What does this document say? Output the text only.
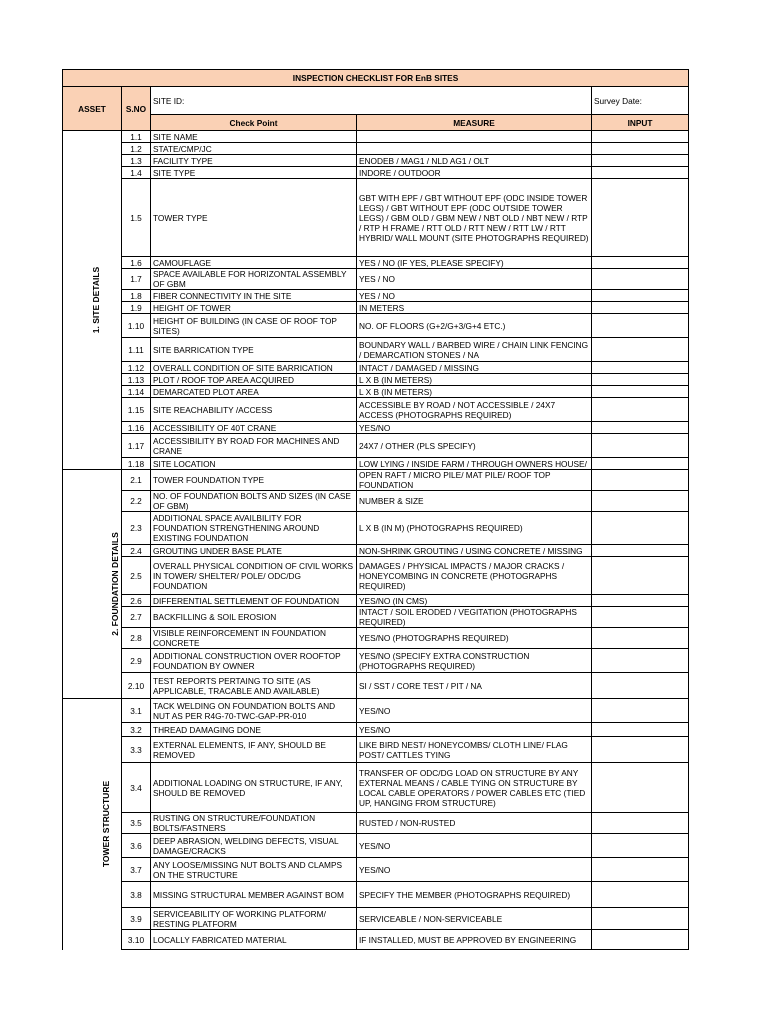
INSPECTION CHECKLIST FOR EnB SITES				
ASSET	S.NO	SITE ID:		Survey Date:
		Check Point	MEASURE	INPUT
1. SITE DETAILS	1.1	SITE NAME		
	1.2	STATE/CMP/JC		
	1.3	FACILITY TYPE	ENODEB / MAG1 / NLD AG1 / OLT	
	1.4	SITE TYPE	INDORE / OUTDOOR	
	1.5	TOWER TYPE	GBT WITH EPF / GBT WITHOUT EPF (ODC INSIDE TOWER LEGS) / GBT WITHOUT EPF (ODC OUTSIDE TOWER LEGS) / GBM OLD / GBM NEW / NBT OLD / NBT NEW / RTP / RTP H FRAME / RTT OLD / RTT NEW / RTT LW / RTT HYBRID/ WALL MOUNT (SITE PHOTOGRAPHS REQUIRED)	
	1.6	CAMOUFLAGE	YES / NO (IF YES, PLEASE SPECIFY)	
	1.7	SPACE AVAILABLE FOR HORIZONTAL ASSEMBLY OF GBM	YES / NO	
	1.8	FIBER CONNECTIVITY IN THE SITE	YES / NO	
	1.9	HEIGHT OF TOWER	IN METERS	
	1.10	HEIGHT OF BUILDING (IN CASE OF ROOF TOP SITES)	NO. OF FLOORS (G+2/G+3/G+4 ETC.)	
	1.11	SITE BARRICATION TYPE	BOUNDARY WALL / BARBED WIRE / CHAIN LINK FENCING / DEMARCATION STONES / NA	
	1.12	OVERALL CONDITION OF SITE BARRICATION	INTACT / DAMAGED / MISSING	
	1.13	PLOT / ROOF TOP AREA ACQUIRED	L X B (IN METERS)	
	1.14	DEMARCATED PLOT AREA	L X B (IN METERS)	
	1.15	SITE REACHABILITY /ACCESS	ACCESSIBLE BY ROAD / NOT ACCESSIBLE / 24X7 ACCESS (PHOTOGRAPHS REQUIRED)	
	1.16	ACCESSIBILITY OF 40T CRANE	YES/NO	
	1.17	ACCESSIBILITY BY ROAD FOR MACHINES AND CRANE	24X7 / OTHER (PLS SPECIFY)	
	1.18	SITE LOCATION	LOW LYING / INSIDE FARM / THROUGH OWNERS HOUSE/	
2. FOUNDATION DETAILS	2.1	TOWER FOUNDATION TYPE	OPEN RAFT / MICRO PILE/ MAT PILE/ ROOF TOP FOUNDATION	
	2.2	NO. OF FOUNDATION BOLTS AND SIZES (IN CASE OF GBM)	NUMBER & SIZE	
	2.3	ADDITIONAL SPACE AVAILBILITY FOR FOUNDATION STRENGTHENING AROUND EXISTING FOUNDATION	L X B (IN M) (PHOTOGRAPHS REQUIRED)	
	2.4	GROUTING UNDER BASE PLATE	NON-SHRINK GROUTING / USING CONCRETE / MISSING	
	2.5	OVERALL PHYSICAL CONDITION OF CIVIL WORKS IN TOWER/ SHELTER/ POLE/ ODC/DG FOUNDATION	DAMAGES / PHYSICAL IMPACTS / MAJOR CRACKS / HONEYCOMBING IN CONCRETE (PHOTOGRAPHS REQUIRED)	
	2.6	DIFFERENTIAL SETTLEMENT OF FOUNDATION	YES/NO (IN CMS)	
	2.7	BACKFILLING & SOIL EROSION	INTACT / SOIL ERODED / VEGITATION (PHOTOGRAPHS REQUIRED)	
	2.8	VISIBLE REINFORCEMENT IN FOUNDATION CONCRETE	YES/NO (PHOTOGRAPHS REQUIRED)	
	2.9	ADDITIONAL CONSTRUCTION OVER ROOFTOP FOUNDATION BY OWNER	YES/NO (SPECIFY EXTRA CONSTRUCTION (PHOTOGRAPHS REQUIRED)	
	2.10	TEST REPORTS PERTAING TO SITE (AS APPLICABLE, TRACABLE AND AVAILABLE)	SI / SST / CORE TEST / PIT / NA	
TOWER STRUCTURE	3.1	TACK WELDING ON FOUNDATION BOLTS AND NUT AS PER R4G-70-TWC-GAP-PR-010	YES/NO	
	3.2	THREAD DAMAGING DONE	YES/NO	
	3.3	EXTERNAL ELEMENTS, IF ANY, SHOULD BE REMOVED	LIKE BIRD NEST/ HONEYCOMBS/ CLOTH LINE/ FLAG POST/ CATTLES TYING	
	3.4	ADDITIONAL LOADING ON STRUCTURE, IF ANY, SHOULD BE REMOVED	TRANSFER OF ODC/DG LOAD ON STRUCTURE BY ANY EXTERNAL MEANS / CABLE TYING ON STRUCTURE BY LOCAL CABLE OPERATORS / POWER CABLES ETC (TIED UP, HANGING FROM STRUCTURE)	
	3.5	RUSTING ON STRUCTURE/FOUNDATION BOLTS/FASTNERS	RUSTED / NON-RUSTED	
	3.6	DEEP ABRASION, WELDING DEFECTS, VISUAL DAMAGE/CRACKS	YES/NO	
	3.7	ANY LOOSE/MISSING NUT BOLTS AND CLAMPS ON THE STRUCTURE	YES/NO	
	3.8	MISSING STRUCTURAL MEMBER AGAINST BOM	SPECIFY THE MEMBER (PHOTOGRAPHS REQUIRED)	
	3.9	SERVICEABILITY OF WORKING PLATFORM/ RESTING PLATFORM	SERVICEABLE / NON-SERVICEABLE	
	3.10	LOCALLY FABRICATED MATERIAL	IF INSTALLED, MUST BE APPROVED BY ENGINEERING	
